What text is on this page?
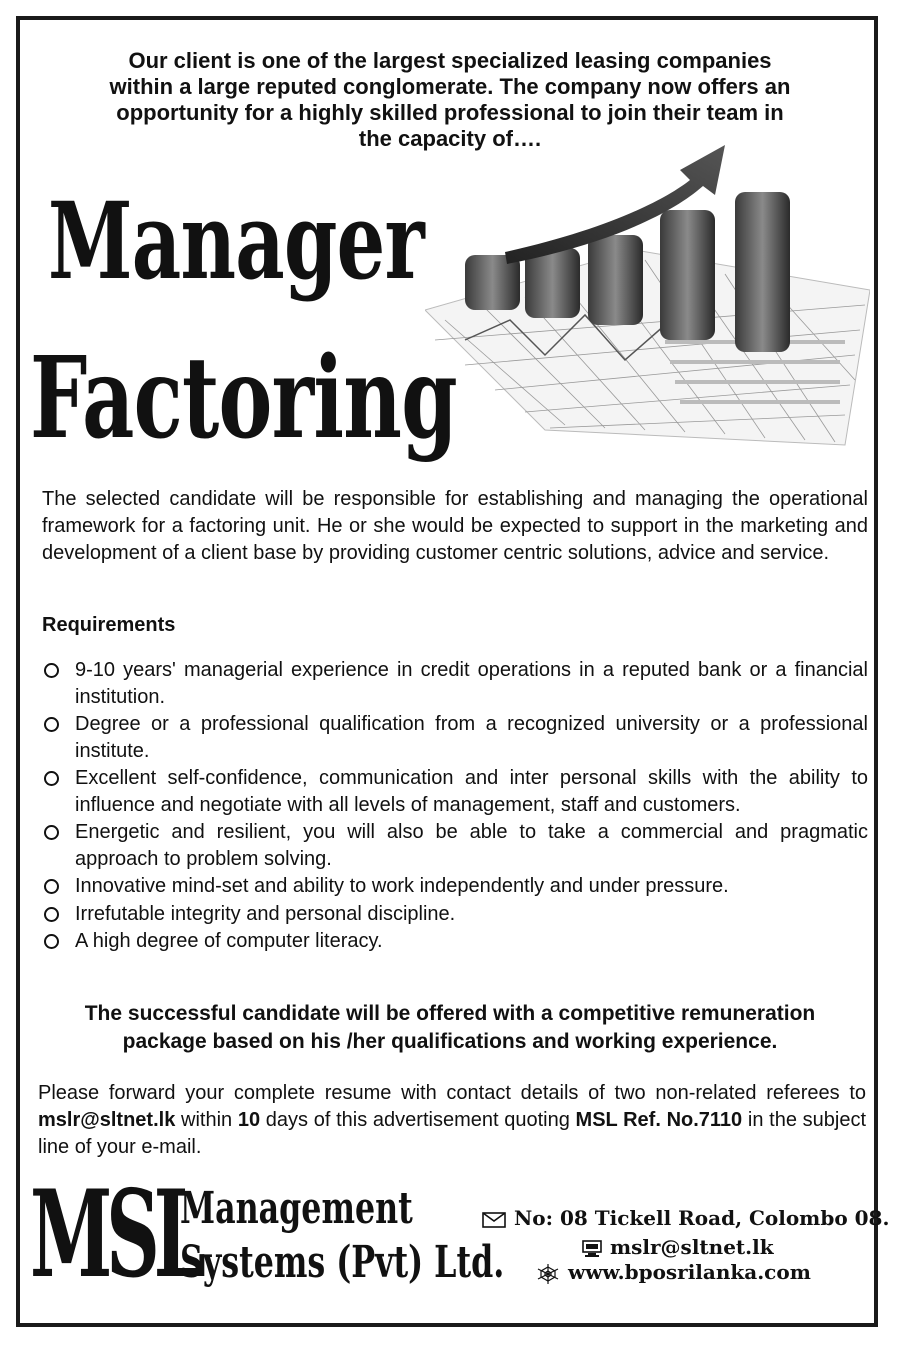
Our client is one of the largest specialized leasing companies
within a large reputed conglomerate. The company now offers an
opportunity for a highly skilled professional to join their team in
the capacity of….
Manager
Factoring
The selected candidate will be responsible for establishing and managing the operational framework for a factoring unit. He or she would be expected to support in the marketing and development of a client base by providing customer centric solutions, advice and service.
Requirements
9-10 years' managerial experience in credit operations in a reputed bank or a financial institution.
Degree or a professional qualification from a recognized university or a professional institute.
Excellent self-confidence, communication and inter personal skills with the ability to influence and negotiate with all levels of management, staff and customers.
Energetic and resilient, you will also be able to take a commercial and pragmatic approach to problem solving.
Innovative mind-set and ability to work independently and under pressure.
Irrefutable integrity and personal discipline.
A high degree of computer literacy.
The successful candidate will be offered with a competitive remuneration
package based on his /her qualifications and working experience.
Please forward your complete resume with contact details of two non-related referees to mslr@sltnet.lk within 10 days of this advertisement quoting MSL Ref. No.7110 in the subject line of your e-mail.
MSL
Management
Systems (Pvt) Ltd.
No: 08 Tickell Road, Colombo 08.
mslr@sltnet.lk
www.bposrilanka.com
